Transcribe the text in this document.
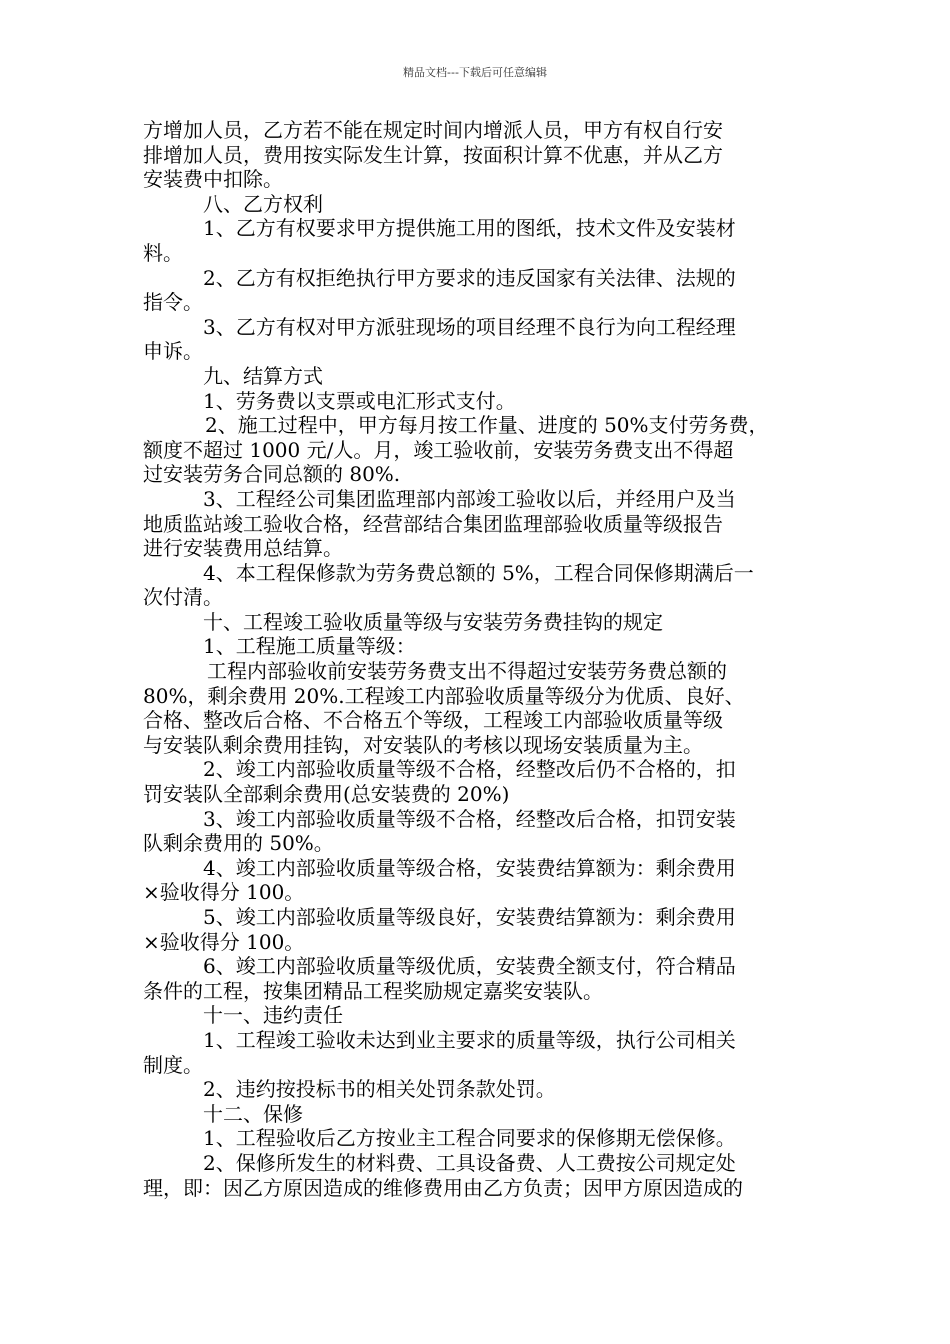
精品文档---下载后可任意编辑
方增加人员，乙方若不能在规定时间内增派人员，甲方有权自行安
排增加人员，费用按实际发生计算，按面积计算不优惠，并从乙方
安装费中扣除。
八、乙方权利
1、乙方有权要求甲方提供施工用的图纸，技术文件及安装材
料。
2、乙方有权拒绝执行甲方要求的违反国家有关法律、法规的
指令。
3、乙方有权对甲方派驻现场的项目经理不良行为向工程经理
申诉。
九、结算方式
1、劳务费以支票或电汇形式支付。
2、施工过程中，甲方每月按工作量、进度的 50%支付劳务费，
额度不超过 1000 元/人。月，竣工验收前，安装劳务费支出不得超
过安装劳务合同总额的 80%.
3、工程经公司集团监理部内部竣工验收以后，并经用户及当
地质监站竣工验收合格，经营部结合集团监理部验收质量等级报告
进行安装费用总结算。
4、本工程保修款为劳务费总额的 5%，工程合同保修期满后一
次付清。
十、工程竣工验收质量等级与安装劳务费挂钩的规定
1、工程施工质量等级：
工程内部验收前安装劳务费支出不得超过安装劳务费总额的
80%，剩余费用 20%.工程竣工内部验收质量等级分为优质、良好、
合格、整改后合格、不合格五个等级，工程竣工内部验收质量等级
与安装队剩余费用挂钩，对安装队的考核以现场安装质量为主。
2、竣工内部验收质量等级不合格，经整改后仍不合格的，扣
罚安装队全部剩余费用(总安装费的 20%)
3、竣工内部验收质量等级不合格，经整改后合格，扣罚安装
队剩余费用的 50%。
4、竣工内部验收质量等级合格，安装费结算额为：剩余费用
×验收得分 100。
5、竣工内部验收质量等级良好，安装费结算额为：剩余费用
×验收得分 100。
6、竣工内部验收质量等级优质，安装费全额支付，符合精品
条件的工程，按集团精品工程奖励规定嘉奖安装队。
十一、违约责任
1、工程竣工验收未达到业主要求的质量等级，执行公司相关
制度。
2、违约按投标书的相关处罚条款处罚。
十二、保修
1、工程验收后乙方按业主工程合同要求的保修期无偿保修。
2、保修所发生的材料费、工具设备费、人工费按公司规定处
理，即：因乙方原因造成的维修费用由乙方负责；因甲方原因造成的
